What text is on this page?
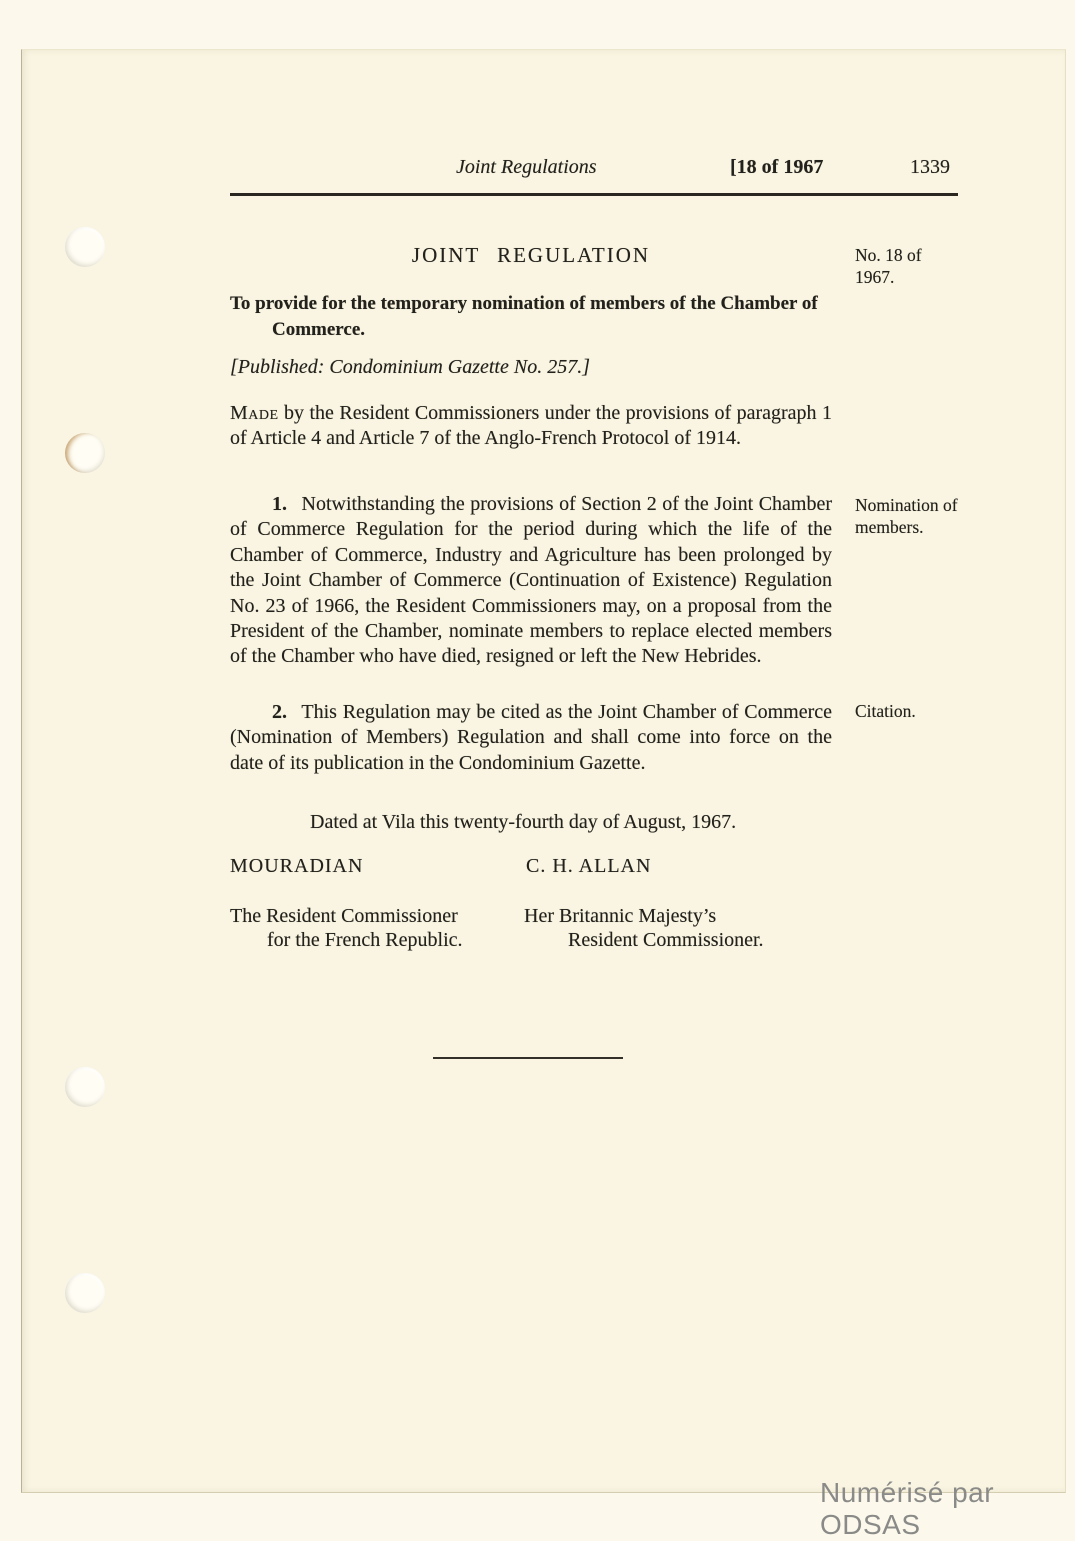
Joint Regulations	[18 of 1967	1339
JOINT REGULATION	No. 18 of 1967.
To provide for the temporary nomination of members of the Chamber of Commerce.
[Published: Condominium Gazette No. 257.]
Made by the Resident Commissioners under the provisions of paragraph 1 of Article 4 and Article 7 of the Anglo-French Protocol of 1914.
1. Notwithstanding the provisions of Section 2 of the Joint Chamber of Commerce Regulation for the period during which the life of the Chamber of Commerce, Industry and Agriculture has been prolonged by the Joint Chamber of Commerce (Continuation of Existence) Regulation No. 23 of 1966, the Resident Commissioners may, on a proposal from the President of the Chamber, nominate members to replace elected members of the Chamber who have died, resigned or left the New Hebrides.
Nomination of members.
2. This Regulation may be cited as the Joint Chamber of Commerce (Nomination of Members) Regulation and shall come into force on the date of its publication in the Condominium Gazette.
Citation.
Dated at Vila this twenty-fourth day of August, 1967.
MOURADIAN	C. H. ALLAN
The Resident Commissioner
for the French Republic.
Her Britannic Majesty’s
Resident Commissioner.
Numérisé par ODSAS
